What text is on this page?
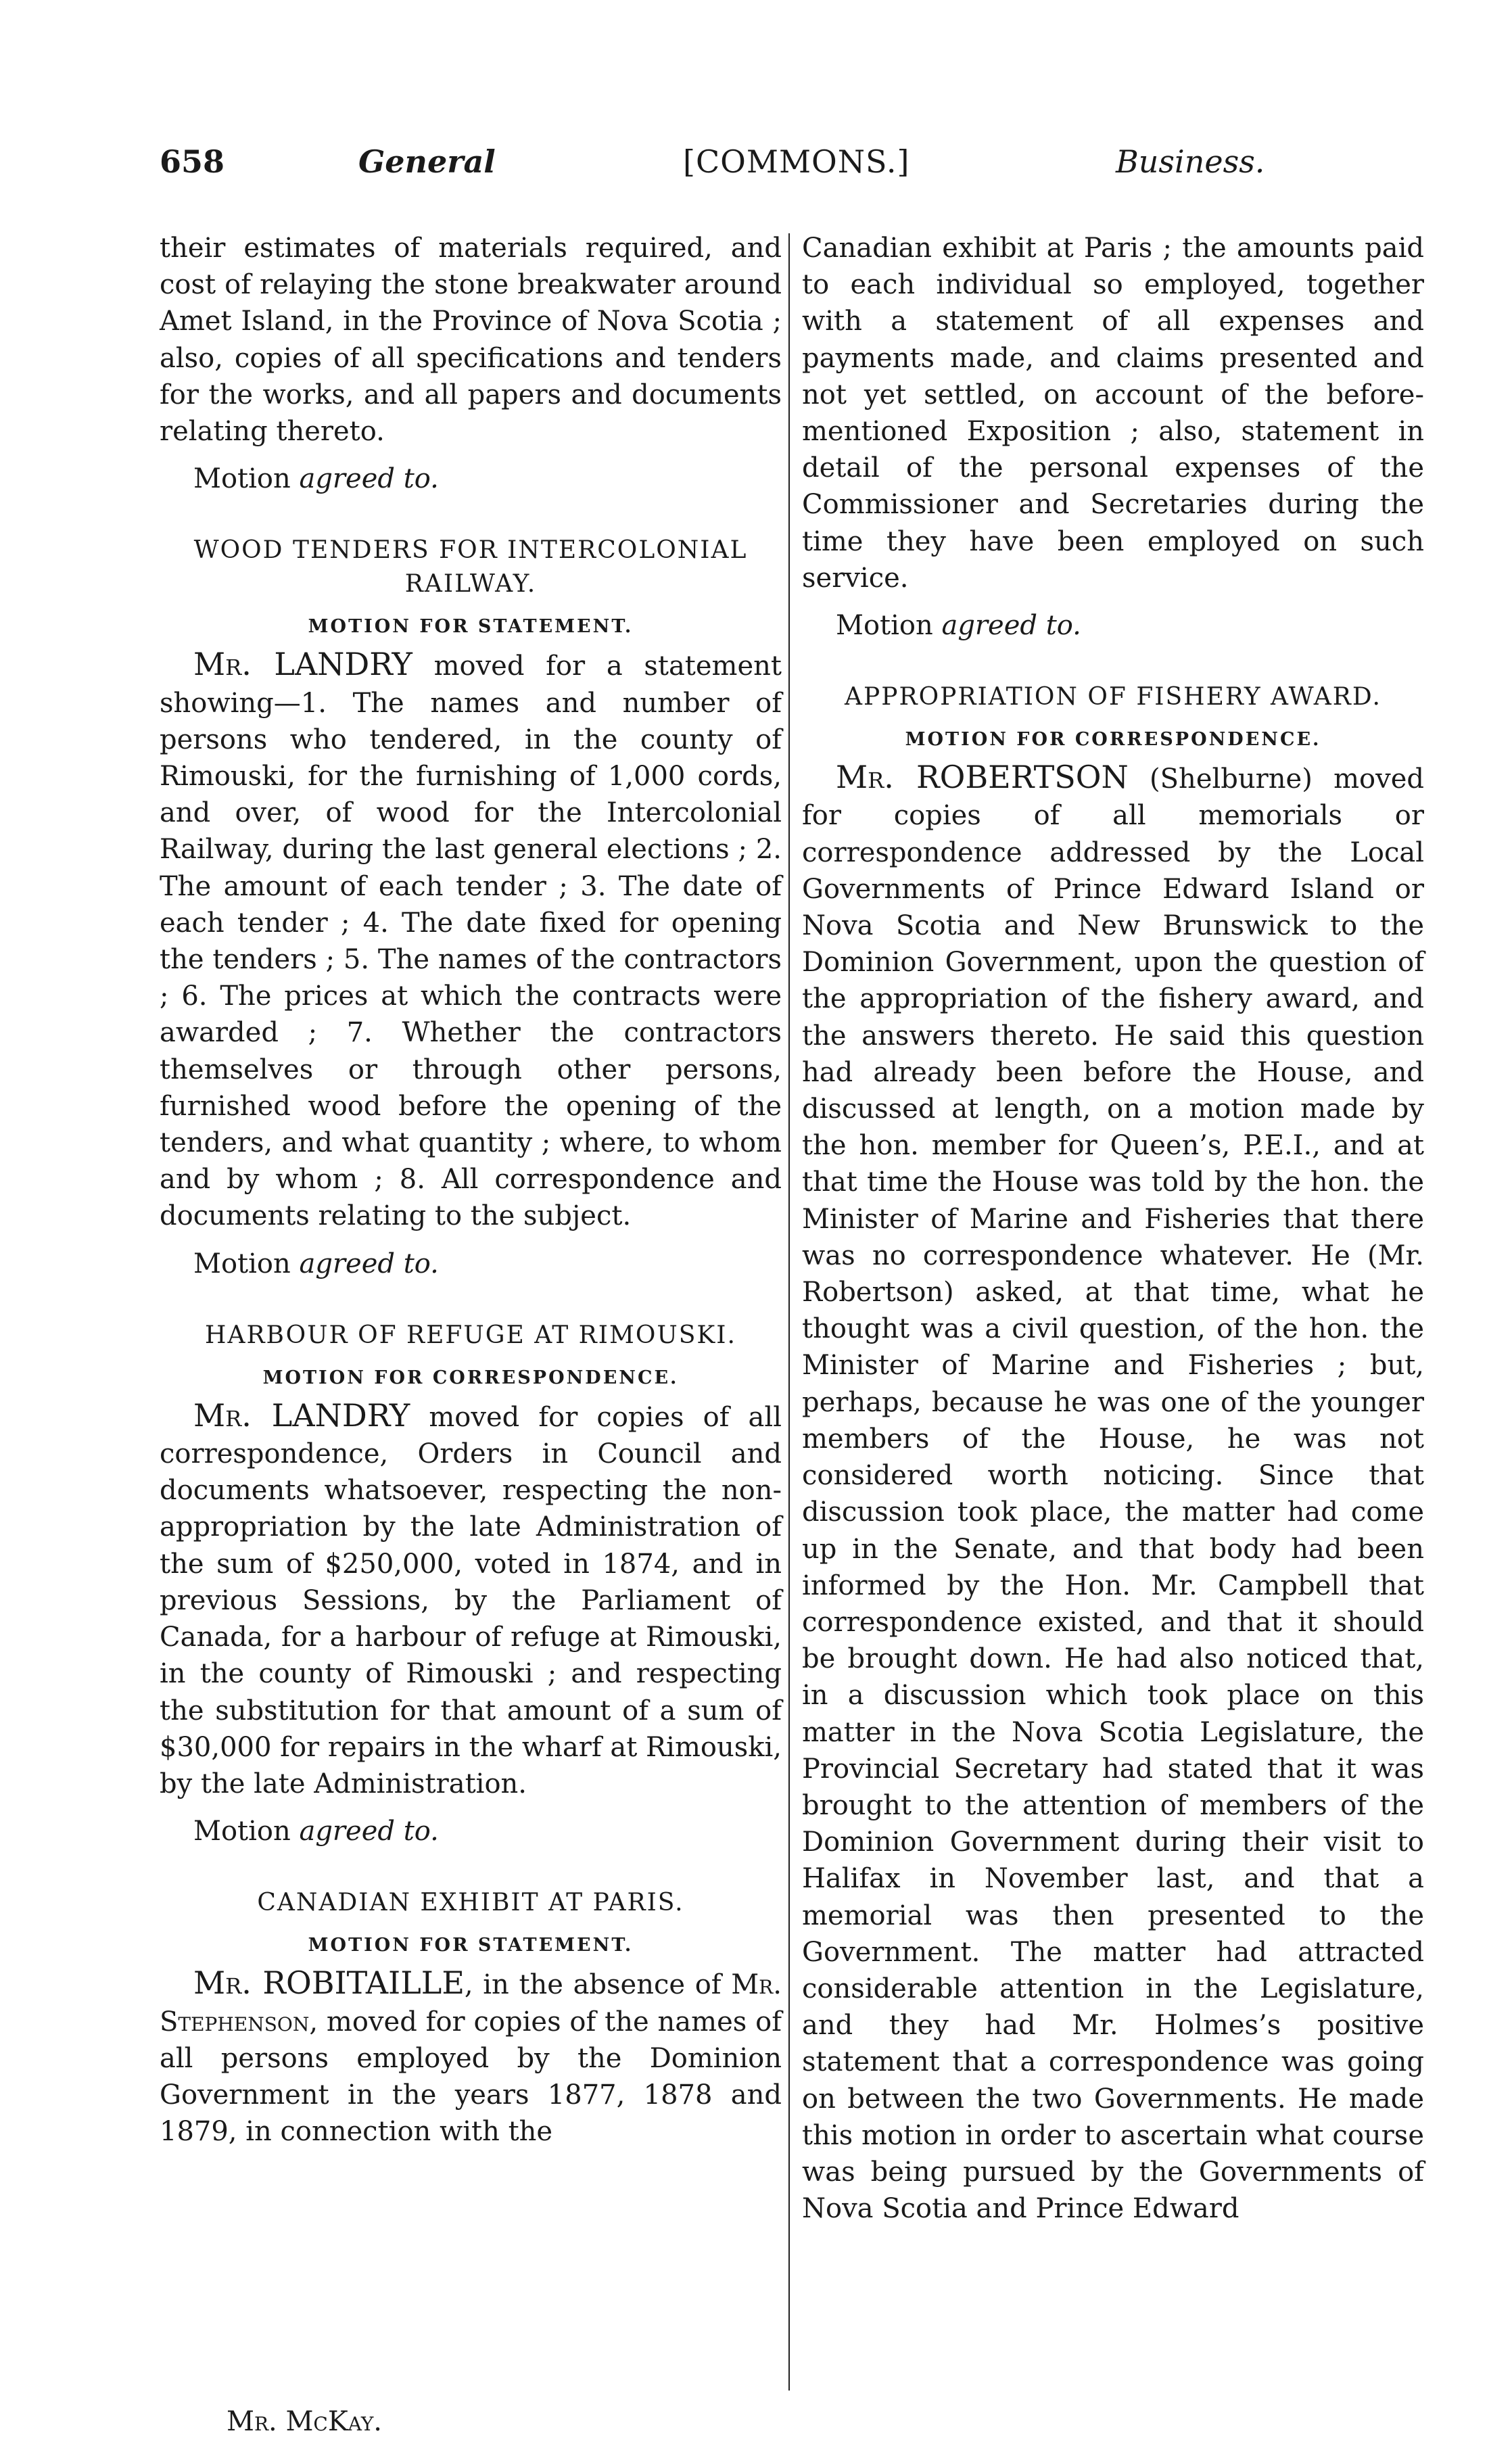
658	General	[COMMONS.]	Business.

their estimates of materials required, and cost of relaying the stone breakwater around Amet Island, in the Province of Nova Scotia ; also, copies of all specifications and tenders for the works, and all papers and documents relating thereto.

Motion agreed to.

WOOD TENDERS FOR INTERCOLONIAL RAILWAY.

MOTION FOR STATEMENT.

Mr. LANDRY moved for a statement showing—1. The names and number of persons who tendered, in the county of Rimouski, for the furnishing of 1,000 cords, and over, of wood for the Intercolonial Railway, during the last general elections ; 2. The amount of each tender ; 3. The date of each tender ; 4. The date fixed for opening the tenders ; 5. The names of the contractors ; 6. The prices at which the contracts were awarded ; 7. Whether the contractors themselves or through other persons, furnished wood before the opening of the tenders, and what quantity ; where, to whom and by whom ; 8. All correspondence and documents relating to the subject.

Motion agreed to.

HARBOUR OF REFUGE AT RIMOUSKI.

MOTION FOR CORRESPONDENCE.

Mr. LANDRY moved for copies of all correspondence, Orders in Council and documents whatsoever, respecting the non-appropriation by the late Administration of the sum of $250,000, voted in 1874, and in previous Sessions, by the Parliament of Canada, for a harbour of refuge at Rimouski, in the county of Rimouski ; and respecting the substitution for that amount of a sum of $30,000 for repairs in the wharf at Rimouski, by the late Administration.

Motion agreed to.

CANADIAN EXHIBIT AT PARIS.

MOTION FOR STATEMENT.

Mr. ROBITAILLE, in the absence of Mr. Stephenson, moved for copies of the names of all persons employed by the Dominion Government in the years 1877, 1878 and 1879, in connection with the

Canadian exhibit at Paris ; the amounts paid to each individual so employed, together with a statement of all expenses and payments made, and claims presented and not yet settled, on account of the before-mentioned Exposition ; also, statement in detail of the personal expenses of the Commissioner and Secretaries during the time they have been employed on such service.

Motion agreed to.

APPROPRIATION OF FISHERY AWARD.

MOTION FOR CORRESPONDENCE.

Mr. ROBERTSON (Shelburne) moved for copies of all memorials or correspondence addressed by the Local Governments of Prince Edward Island or Nova Scotia and New Brunswick to the Dominion Government, upon the question of the appropriation of the fishery award, and the answers thereto. He said this question had already been before the House, and discussed at length, on a motion made by the hon. member for Queen’s, P.E.I., and at that time the House was told by the hon. the Minister of Marine and Fisheries that there was no correspondence whatever. He (Mr. Robertson) asked, at that time, what he thought was a civil question, of the hon. the Minister of Marine and Fisheries ; but, perhaps, because he was one of the younger members of the House, he was not considered worth noticing. Since that discussion took place, the matter had come up in the Senate, and that body had been informed by the Hon. Mr. Campbell that correspondence existed, and that it should be brought down. He had also noticed that, in a discussion which took place on this matter in the Nova Scotia Legislature, the Provincial Secretary had stated that it was brought to the attention of members of the Dominion Government during their visit to Halifax in November last, and that a memorial was then presented to the Government. The matter had attracted considerable attention in the Legislature, and they had Mr. Holmes’s positive statement that a correspondence was going on between the two Governments. He made this motion in order to ascertain what course was being pursued by the Governments of Nova Scotia and Prince Edward

Mr. McKay.
